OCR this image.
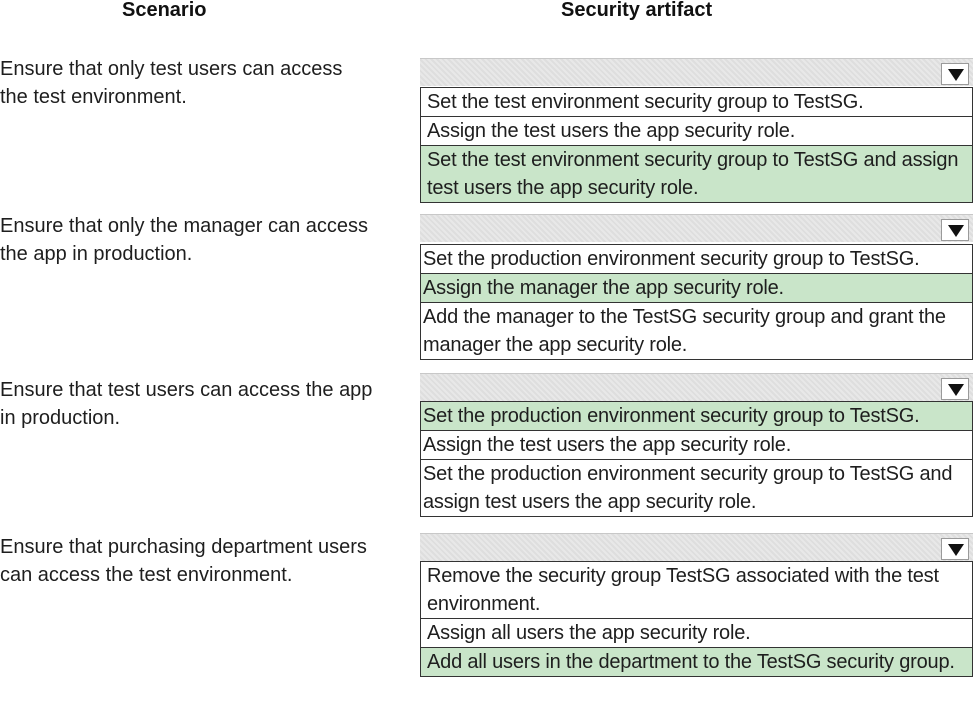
Scenario	Security artifact
Ensure that only test users can access
the test environment.	Set the test environment security group to TestSG.
Assign the test users the app security role.
Set the test environment security group to TestSG and assign test users the app security role.
Ensure that only the manager can access
the app in production.	Set the production environment security group to TestSG.
Assign the manager the app security role.
Add the manager to the TestSG security group and grant the manager the app security role.
Ensure that test users can access the app
in production.	Set the production environment security group to TestSG.
Assign the test users the app security role.
Set the production environment security group to TestSG and assign test users the app security role.
Ensure that purchasing department users
can access the test environment.	Remove the security group TestSG associated with the test environment.
Assign all users the app security role.
Add all users in the department to the TestSG security group.
